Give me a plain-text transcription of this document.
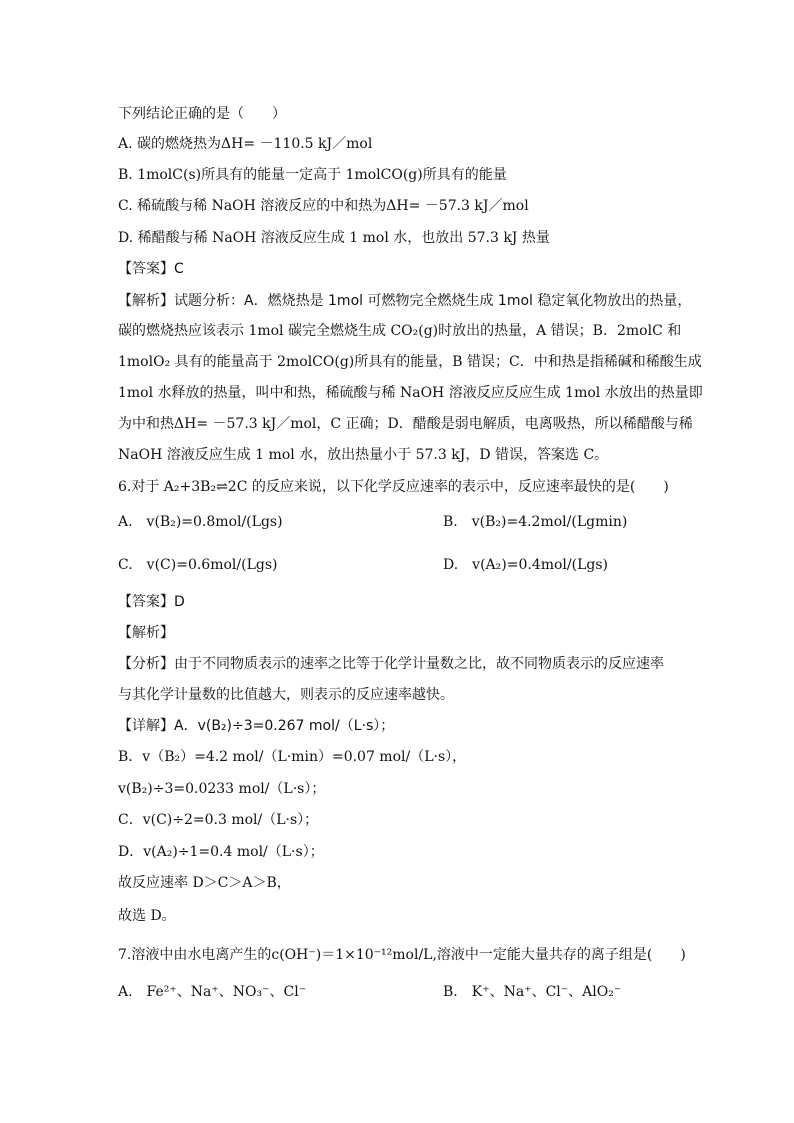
下列结论正确的是（　　）
A. 碳的燃烧热为ΔH= －110.5 kJ／mol
B. 1molC(s)所具有的能量一定高于 1molCO(g)所具有的能量
C. 稀硫酸与稀 NaOH 溶液反应的中和热为ΔH= －57.3 kJ／mol
D. 稀醋酸与稀 NaOH 溶液反应生成 1 mol 水，也放出 57.3 kJ 热量
【答案】C
【解析】试题分析：A．燃烧热是 1mol 可燃物完全燃烧生成 1mol 稳定氧化物放出的热量，
碳的燃烧热应该表示 1mol 碳完全燃烧生成 CO₂(g)时放出的热量，A 错误；B．2molC 和
1molO₂ 具有的能量高于 2molCO(g)所具有的能量，B 错误；C．中和热是指稀碱和稀酸生成
1mol 水释放的热量，叫中和热，稀硫酸与稀 NaOH 溶液反应反应生成 1mol 水放出的热量即
为中和热ΔH= －57.3 kJ／mol，C 正确；D．醋酸是弱电解质，电离吸热，所以稀醋酸与稀
NaOH 溶液反应生成 1 mol 水，放出热量小于 57.3 kJ，D 错误，答案选 C。
6.对于 A₂+3B₂⇌2C 的反应来说，以下化学反应速率的表示中，反应速率最快的是(　　)
A.　v(B₂)=0.8mol/(Lgs)	B.　v(B₂)=4.2mol/(Lgmin)
C.　v(C)=0.6mol/(Lgs)	D.　v(A₂)=0.4mol/(Lgs)
【答案】D
【解析】
【分析】由于不同物质表示的速率之比等于化学计量数之比，故不同物质表示的反应速率
与其化学计量数的比值越大，则表示的反应速率越快。
【详解】A．v(B₂)÷3=0.267 mol/（L·s）；
B．v（B₂）=4.2 mol/（L·min）=0.07 mol/（L·s），
v(B₂)÷3=0.0233 mol/（L·s）；
C．v(C)÷2=0.3 mol/（L·s）；
D．v(A₂)÷1=0.4 mol/（L·s）；
故反应速率 D＞C＞A＞B，
故选 D。
7.溶液中由水电离产生的c(OH⁻)＝1×10⁻¹²mol/L,溶液中一定能大量共存的离子组是(　　)
A.　Fe²⁺、Na⁺、NO₃⁻、Cl⁻	B.　K⁺、Na⁺、Cl⁻、AlO₂⁻
